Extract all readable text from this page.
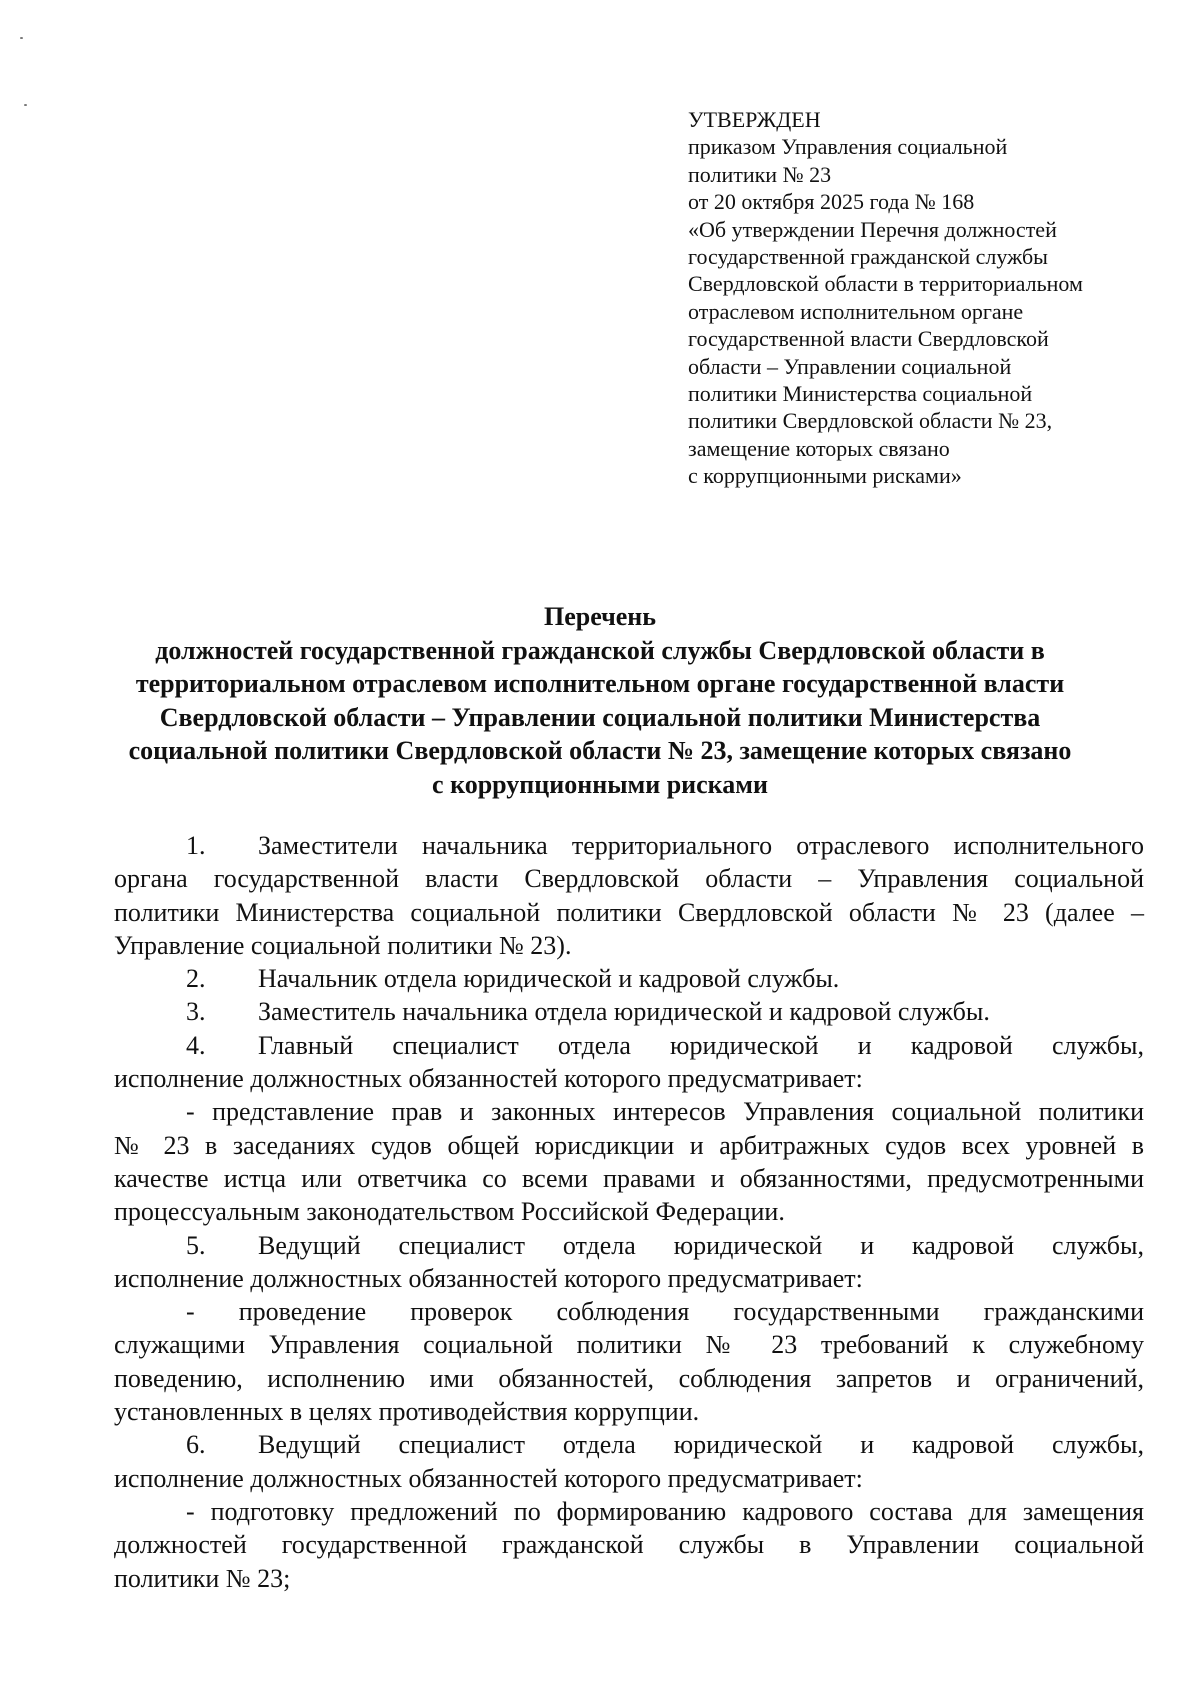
УТВЕРЖДЕН
приказом Управления социальной
политики № 23
от 20 октября 2025 года № 168
«Об утверждении Перечня должностей
государственной гражданской службы
Свердловской области в территориальном
отраслевом исполнительном органе
государственной власти Свердловской
области – Управлении социальной
политики Министерства социальной
политики Свердловской области № 23,
замещение которых связано
с коррупционными рисками»
Перечень
должностей государственной гражданской службы Свердловской области в
территориальном отраслевом исполнительном органе государственной власти
Свердловской области – Управлении социальной политики Министерства
социальной политики Свердловской области № 23, замещение которых связано
с коррупционными рисками
1. Заместители начальника территориального отраслевого исполнительного
органа государственной власти Свердловской области – Управления социальной
политики Министерства социальной политики Свердловской области № 23 (далее –
Управление социальной политики № 23).
2. Начальник отдела юридической и кадровой службы.
3. Заместитель начальника отдела юридической и кадровой службы.
4. Главный специалист отдела юридической и кадровой службы,
исполнение должностных обязанностей которого предусматривает:
- представление прав и законных интересов Управления социальной политики
№ 23 в заседаниях судов общей юрисдикции и арбитражных судов всех уровней в
качестве истца или ответчика со всеми правами и обязанностями, предусмотренными
процессуальным законодательством Российской Федерации.
5. Ведущий специалист отдела юридической и кадровой службы,
исполнение должностных обязанностей которого предусматривает:
- проведение проверок соблюдения государственными гражданскими
служащими Управления социальной политики № 23 требований к служебному
поведению, исполнению ими обязанностей, соблюдения запретов и ограничений,
установленных в целях противодействия коррупции.
6. Ведущий специалист отдела юридической и кадровой службы,
исполнение должностных обязанностей которого предусматривает:
- подготовку предложений по формированию кадрового состава для замещения
должностей государственной гражданской службы в Управлении социальной
политики № 23;
